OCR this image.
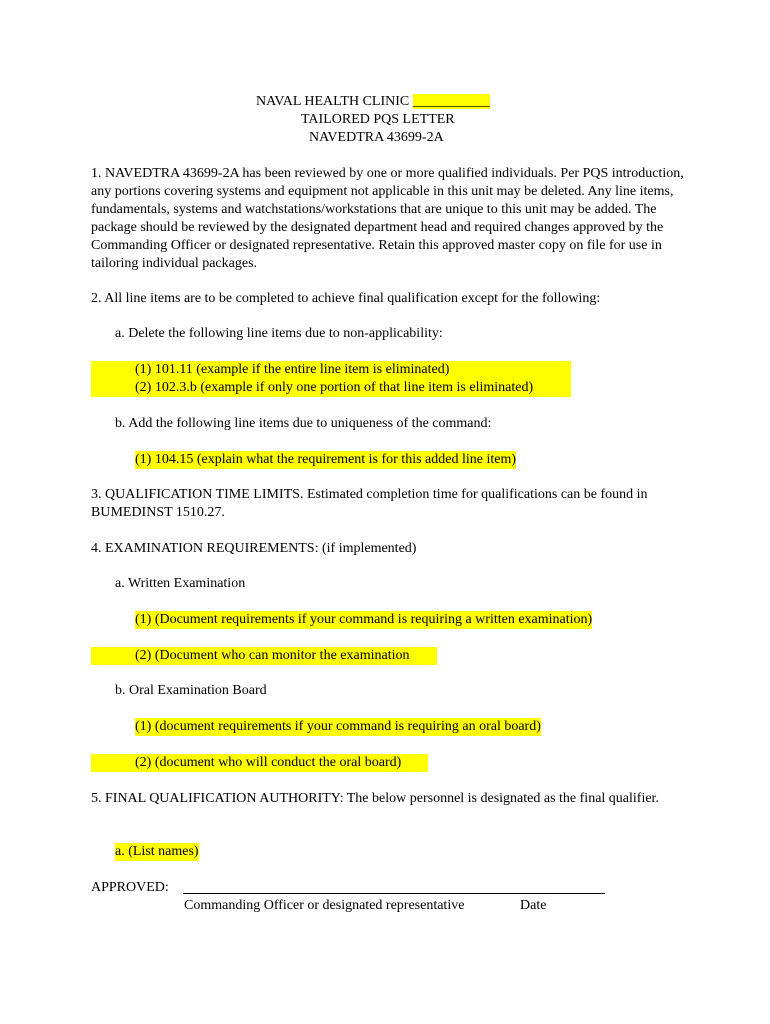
NAVAL HEALTH CLINIC ___________
TAILORED PQS LETTER
NAVEDTRA 43699-2A
1. NAVEDTRA 43699-2A has been reviewed by one or more qualified individuals. Per PQS introduction, any portions covering systems and equipment not applicable in this unit may be deleted. Any line items, fundamentals, systems and watchstations/workstations that are unique to this unit may be added. The package should be reviewed by the designated department head and required changes approved by the Commanding Officer or designated representative. Retain this approved master copy on file for use in tailoring individual packages.
2. All line items are to be completed to achieve final qualification except for the following:
a. Delete the following line items due to non-applicability:
(1) 101.11 (example if the entire line item is eliminated)
(2) 102.3.b (example if only one portion of that line item is eliminated)
b. Add the following line items due to uniqueness of the command:
(1) 104.15 (explain what the requirement is for this added line item)
3. QUALIFICATION TIME LIMITS. Estimated completion time for qualifications can be found in BUMEDINST 1510.27.
4. EXAMINATION REQUIREMENTS: (if implemented)
a. Written Examination
(1) (Document requirements if your command is requiring a written examination)
(2) (Document who can monitor the examination
b. Oral Examination Board
(1) (document requirements if your command is requiring an oral board)
(2) (document who will conduct the oral board)
5. FINAL QUALIFICATION AUTHORITY: The below personnel is designated as the final qualifier.
a. (List names)
APPROVED:
Commanding Officer or designated representative	Date
